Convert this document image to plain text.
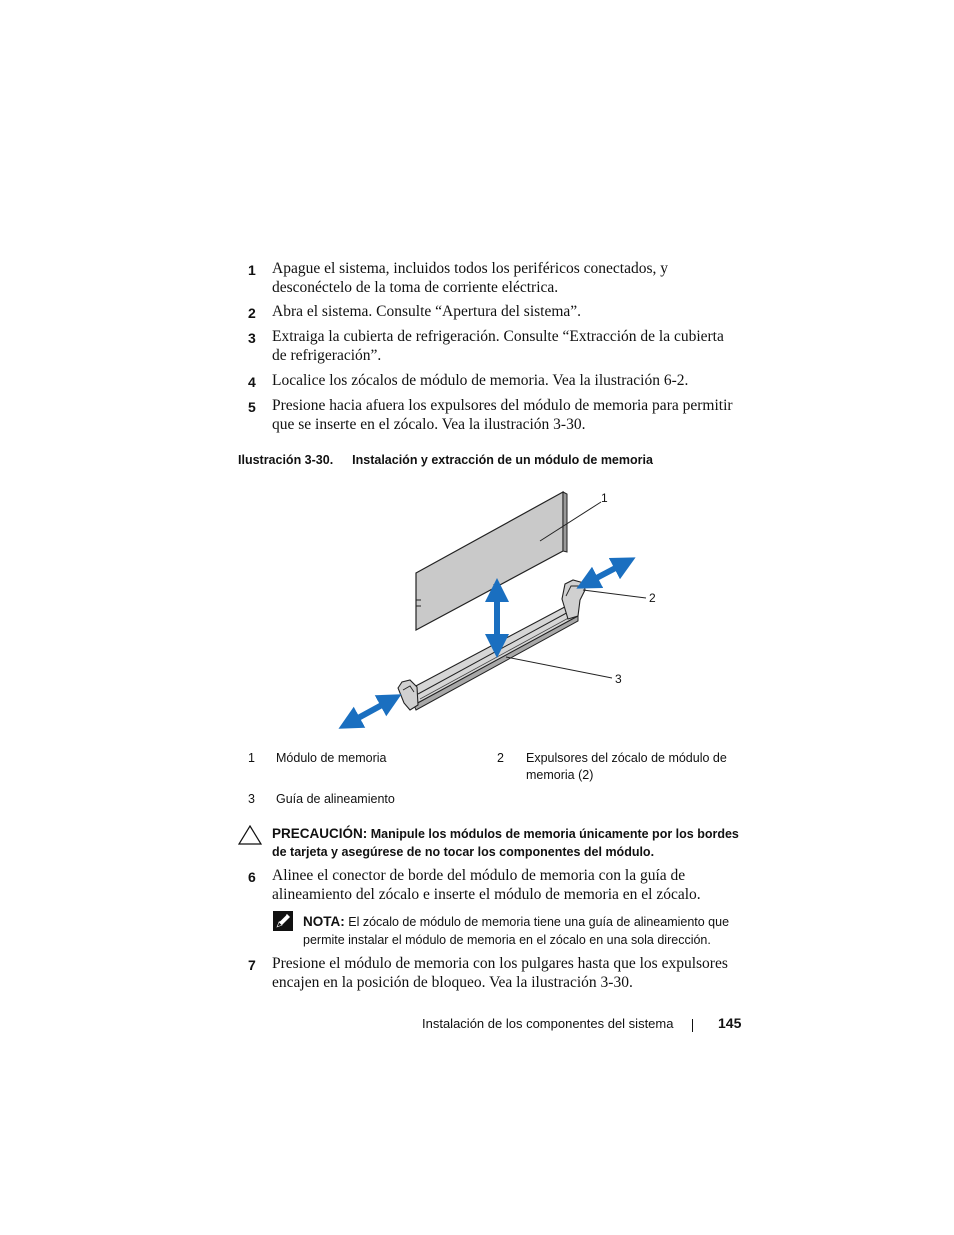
1	Apague el sistema, incluidos todos los periféricos conectados, y desconéctelo de la toma de corriente eléctrica.
2	Abra el sistema. Consulte “Apertura del sistema”.
3	Extraiga la cubierta de refrigeración. Consulte “Extracción de la cubierta de refrigeración”.
4	Localice los zócalos de módulo de memoria. Vea la ilustración 6-2.
5	Presione hacia afuera los expulsores del módulo de memoria para permitir que se inserte en el zócalo. Vea la ilustración 3-30.
Ilustración 3-30. Instalación y extracción de un módulo de memoria
1
2
3
1 Módulo de memoria	2 Expulsores del zócalo de módulo de memoria (2)
3 Guía de alineamiento
PRECAUCIÓN: Manipule los módulos de memoria únicamente por los bordes de tarjeta y asegúrese de no tocar los componentes del módulo.
6	Alinee el conector de borde del módulo de memoria con la guía de alineamiento del zócalo e inserte el módulo de memoria en el zócalo.
NOTA: El zócalo de módulo de memoria tiene una guía de alineamiento que permite instalar el módulo de memoria en el zócalo en una sola dirección.
7	Presione el módulo de memoria con los pulgares hasta que los expulsores encajen en la posición de bloqueo. Vea la ilustración 3-30.
Instalación de los componentes del sistema	145
